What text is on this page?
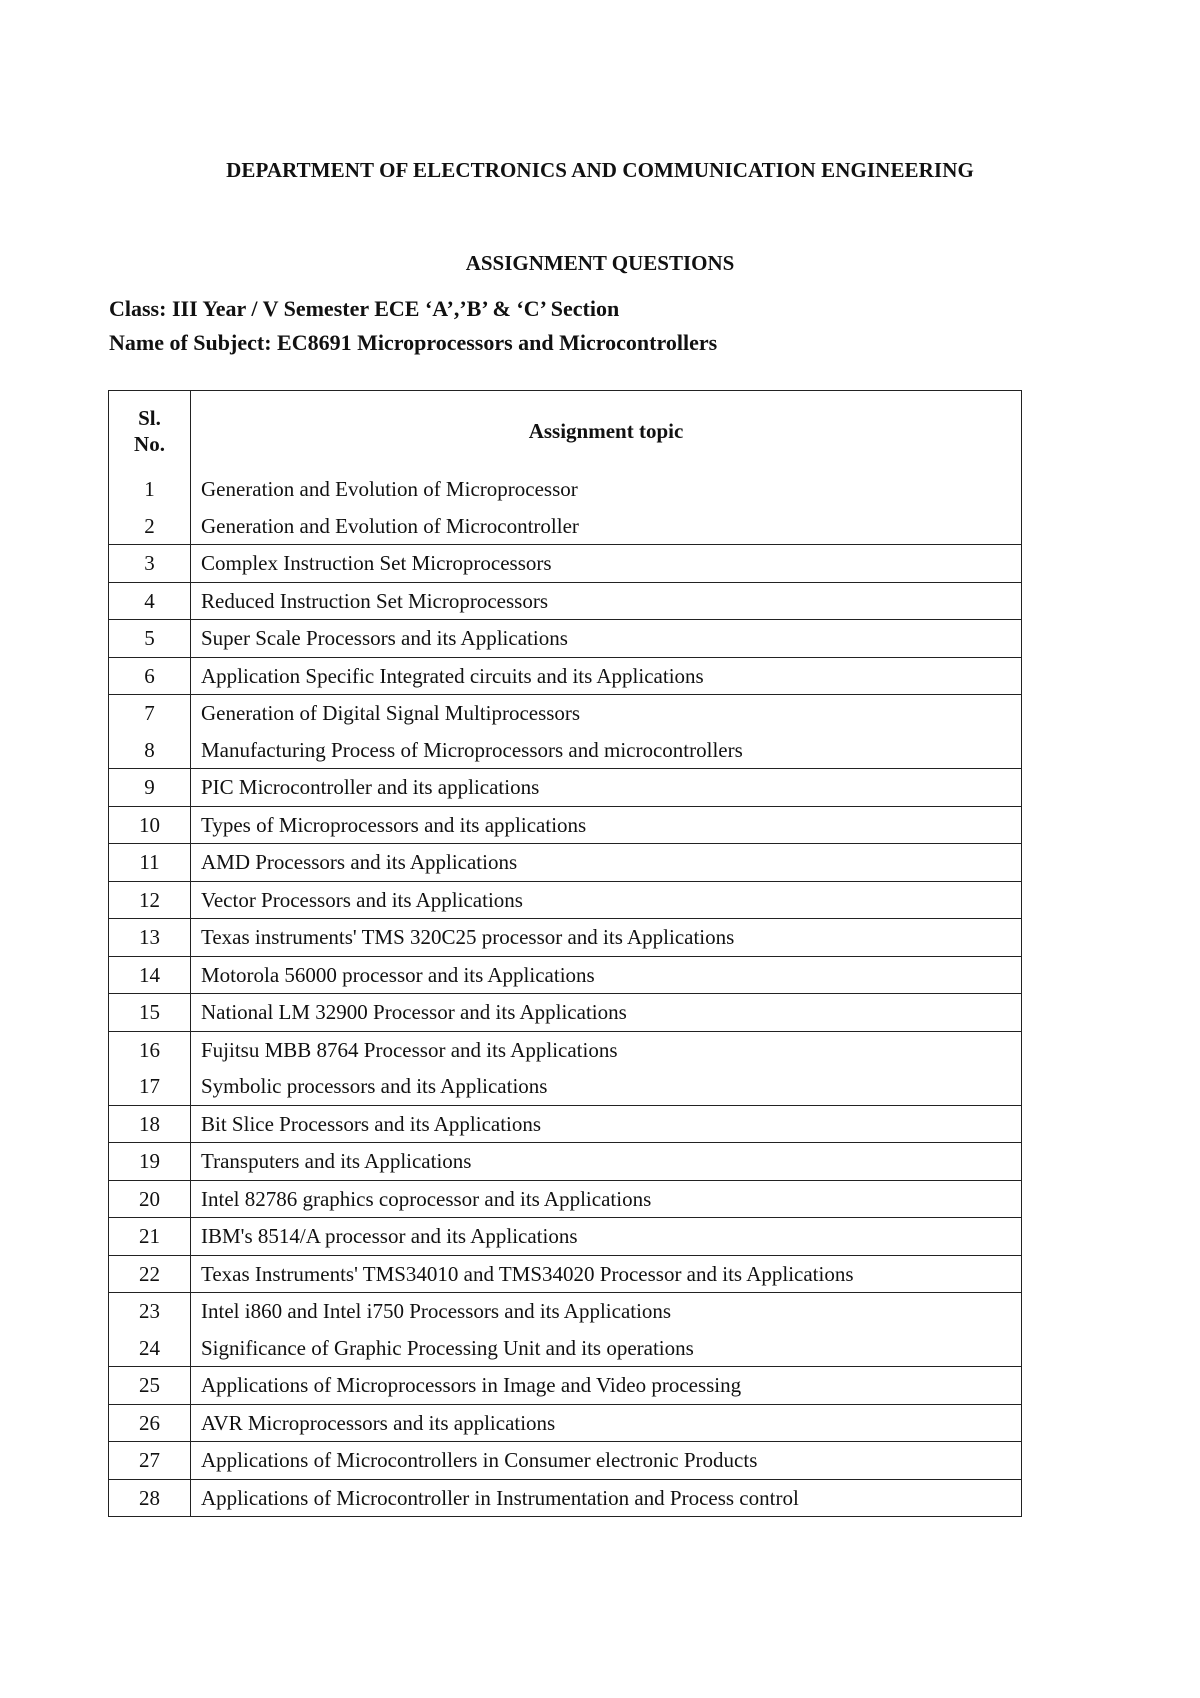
DEPARTMENT OF ELECTRONICS AND COMMUNICATION ENGINEERING
ASSIGNMENT QUESTIONS
Class: III Year / V Semester ECE ‘A’,’B’ & ‘C’ Section
Name of Subject: EC8691 Microprocessors and Microcontrollers
Sl.
No.	Assignment topic
1	Generation and Evolution of Microprocessor
2	Generation and Evolution of Microcontroller
3	Complex Instruction Set Microprocessors
4	Reduced Instruction Set Microprocessors
5	Super Scale Processors and its Applications
6	Application Specific Integrated circuits and its Applications
7	Generation of Digital Signal Multiprocessors
8	Manufacturing Process of Microprocessors and microcontrollers
9	PIC Microcontroller and its applications
10	Types of Microprocessors and its applications
11	AMD Processors and its Applications
12	Vector Processors and its Applications
13	Texas instruments' TMS 320C25 processor and its Applications
14	Motorola 56000 processor and its Applications
15	National LM 32900 Processor and its Applications
16	Fujitsu MBB 8764 Processor and its Applications
17	Symbolic processors and its Applications
18	Bit Slice Processors and its Applications
19	Transputers and its Applications
20	Intel 82786 graphics coprocessor and its Applications
21	IBM's 8514/A processor and its Applications
22	Texas Instruments' TMS34010 and TMS34020 Processor and its Applications
23	Intel i860 and Intel i750 Processors and its Applications
24	Significance of Graphic Processing Unit and its operations
25	Applications of Microprocessors in Image and Video processing
26	AVR Microprocessors and its applications
27	Applications of Microcontrollers in Consumer electronic Products
28	Applications of Microcontroller in Instrumentation and Process control
